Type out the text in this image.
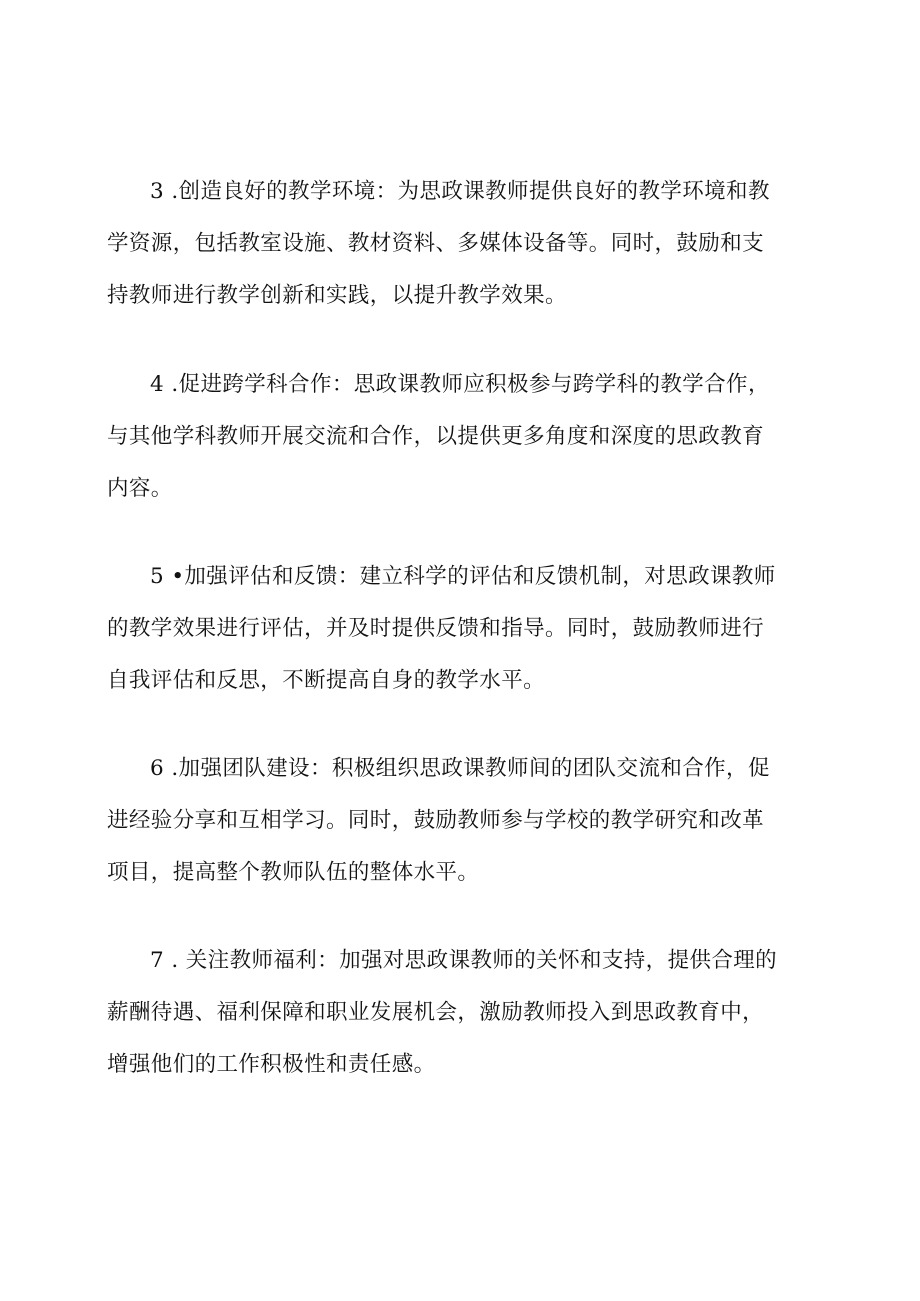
3 .创造良好的教学环境：为思政课教师提供良好的教学环境和教
学资源，包括教室设施、教材资料、多媒体设备等。同时，鼓励和支
持教师进行教学创新和实践，以提升教学效果。
4 .促进跨学科合作：思政课教师应积极参与跨学科的教学合作，
与其他学科教师开展交流和合作，以提供更多角度和深度的思政教育
内容。
5 •加强评估和反馈：建立科学的评估和反馈机制，对思政课教师
的教学效果进行评估，并及时提供反馈和指导。同时，鼓励教师进行
自我评估和反思，不断提高自身的教学水平。
6 .加强团队建设：积极组织思政课教师间的团队交流和合作，促
进经验分享和互相学习。同时，鼓励教师参与学校的教学研究和改革
项目，提高整个教师队伍的整体水平。
7 . 关注教师福利：加强对思政课教师的关怀和支持，提供合理的
薪酬待遇、福利保障和职业发展机会，激励教师投入到思政教育中，
增强他们的工作积极性和责任感。
